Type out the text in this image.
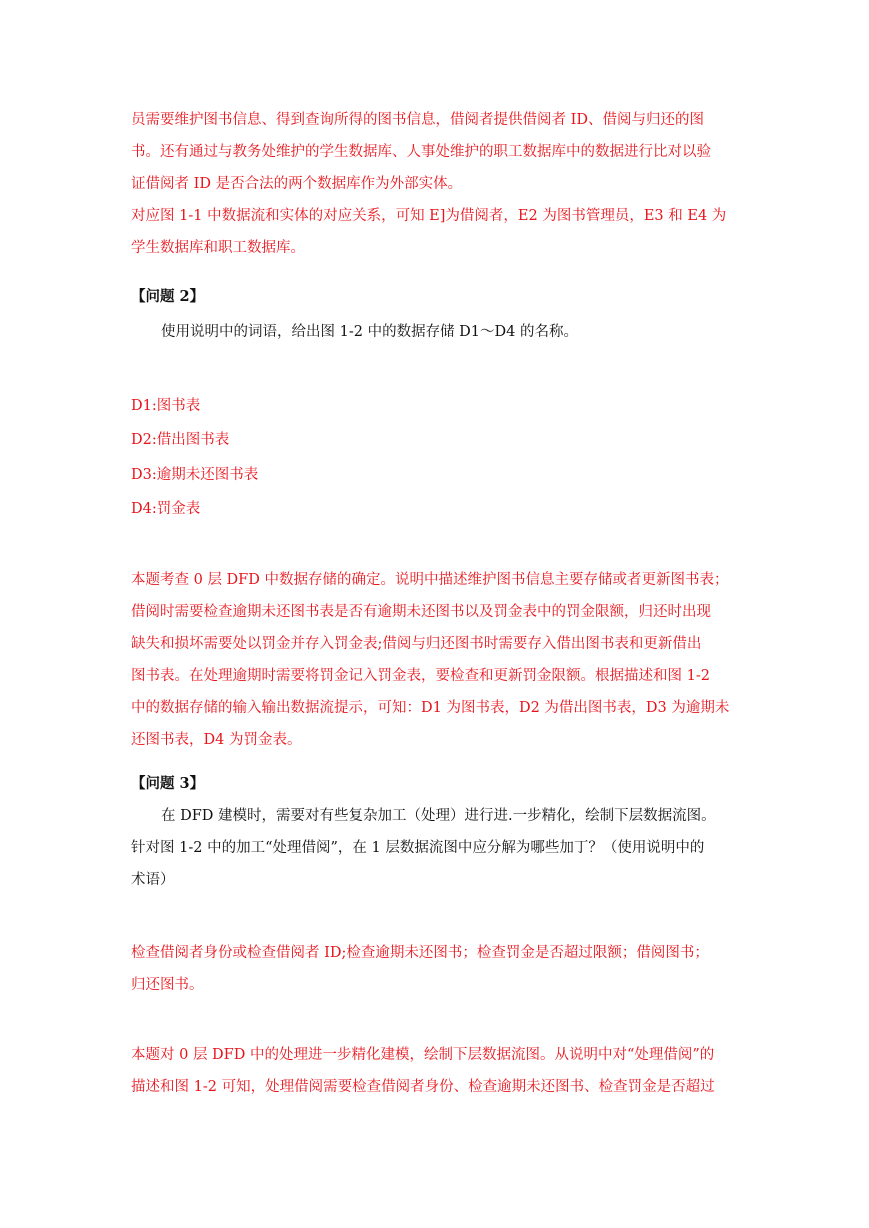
员需要维护图书信息、得到查询所得的图书信息，借阅者提供借阅者 ID、借阅与归还的图
书。还有通过与教务处维护的学生数据库、人事处维护的职工数据库中的数据进行比对以验
证借阅者 ID 是否合法的两个数据库作为外部实体。
对应图 1-1 中数据流和实体的对应关系，可知 E]为借阅者，E2 为图书管理员，E3 和 E4 为
学生数据库和职工数据库。
【问题 2】
使用说明中的词语，给出图 1-2 中的数据存储 D1～D4 的名称。
D1:图书表
D2:借出图书表
D3:逾期未还图书表
D4:罚金表
本题考查 0 层 DFD 中数据存储的确定。说明中描述维护图书信息主要存储或者更新图书表；
借阅时需要检查逾期未还图书表是否有逾期未还图书以及罚金表中的罚金限额，归还时出现
缺失和损坏需要处以罚金并存入罚金表;借阅与归还图书时需要存入借出图书表和更新借出
图书表。在处理逾期时需要将罚金记入罚金表，要检查和更新罚金限额。根据描述和图 1-2
中的数据存储的输入输出数据流提示，可知：D1 为图书表，D2 为借出图书表，D3 为逾期未
还图书表，D4 为罚金表。
【问题 3】
在 DFD 建模时，需要对有些复杂加工（处理）进行进.一步精化，绘制下层数据流图。
针对图 1-2 中的加工“处理借阅”，在 1 层数据流图中应分解为哪些加丁？（使用说明中的
术语）
检查借阅者身份或检查借阅者 ID;检查逾期未还图书；检查罚金是否超过限额；借阅图书；
归还图书。
本题对 0 层 DFD 中的处理进一步精化建模，绘制下层数据流图。从说明中对“处理借阅”的
描述和图 1-2 可知，处理借阅需要检查借阅者身份、检查逾期未还图书、检查罚金是否超过
